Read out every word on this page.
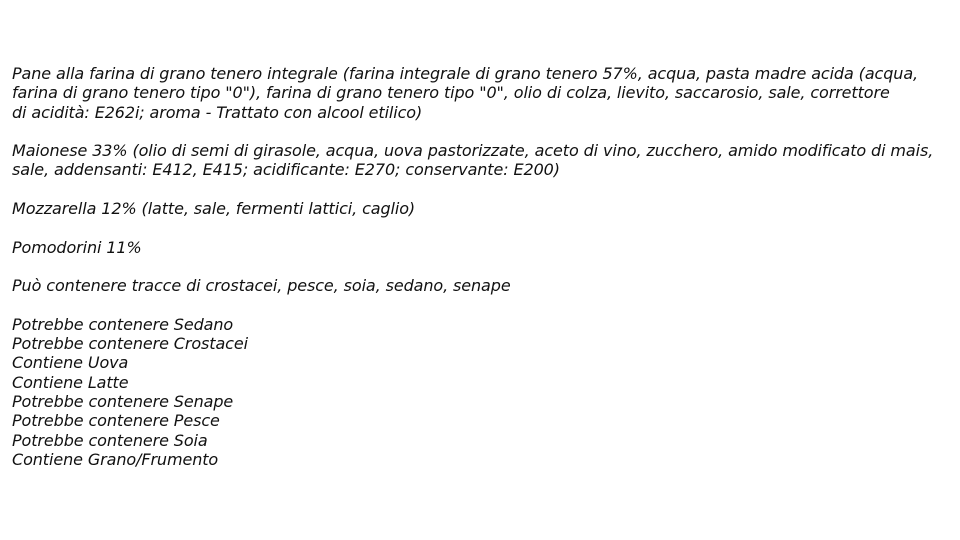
Pane alla farina di grano tenero integrale (farina integrale di grano tenero 57%, acqua, pasta madre acida (acqua,
farina di grano tenero tipo "0"), farina di grano tenero tipo "0", olio di colza, lievito, saccarosio, sale, correttore
di acidità: E262i; aroma - Trattato con alcool etilico)

Maionese 33% (olio di semi di girasole, acqua, uova pastorizzate, aceto di vino, zucchero, amido modificato di mais,
sale, addensanti: E412, E415; acidificante: E270; conservante: E200)

Mozzarella 12% (latte, sale, fermenti lattici, caglio)

Pomodorini 11%

Può contenere tracce di crostacei, pesce, soia, sedano, senape

Potrebbe contenere Sedano
Potrebbe contenere Crostacei
Contiene Uova
Contiene Latte
Potrebbe contenere Senape
Potrebbe contenere Pesce
Potrebbe contenere Soia
Contiene Grano/Frumento
